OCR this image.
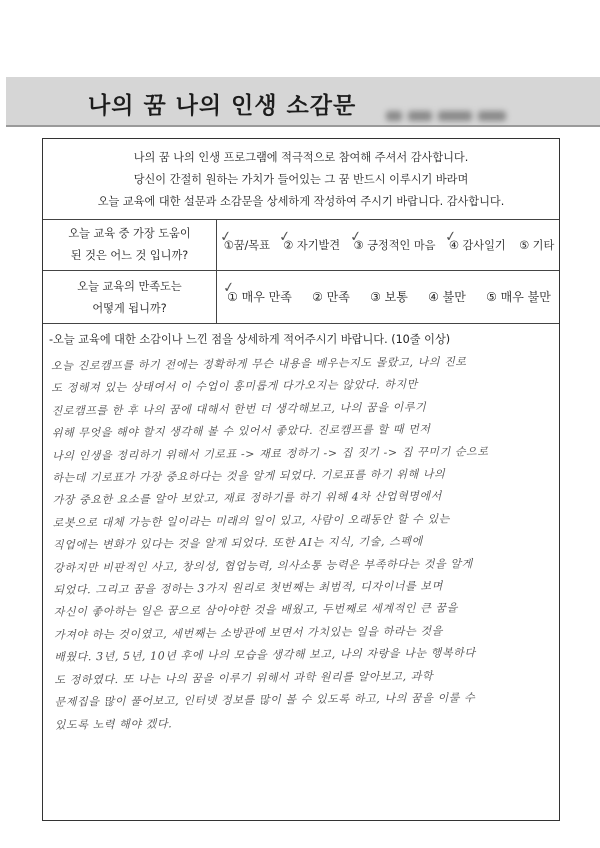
나의 꿈 나의 인생 소감문
나의 꿈 나의 인생 프로그램에 적극적으로 참여해 주셔서 감사합니다.
당신이 간절히 원하는 가치가 들어있는 그 꿈 반드시 이루시기 바라며
오늘 교육에 대한 설문과 소감문을 상세하게 작성하여 주시기 바랍니다. 감사합니다.
오늘 교육 중 가장 도움이
된 것은 어느 것 입니까?
✓
①꿈/목표 ✓
② 자기발견 ✓
③ 긍정적인 마음 ✓
④ 감사일기 ⑤ 기타
오늘 교육의 만족도는
어떻게 됩니까?
✓
① 매우 만족 ② 만족 ③ 보통 ④ 불만 ⑤ 매우 불만
-오늘 교육에 대한 소감이나 느낀 점을 상세하게 적어주시기 바랍니다. (10줄 이상)
오늘 진로캠프를 하기 전에는 정확하게 무슨 내용을 배우는지도 몰랐고, 나의 진로
도 정해져 있는 상태여서 이 수업이 흥미롭게 다가오지는 않았다. 하지만
진로캠프를 한 후 나의 꿈에 대해서 한번 더 생각해보고, 나의 꿈을 이루기
위해 무엇을 해야 할지 생각해 볼 수 있어서 좋았다. 진로캠프를 할 때 먼저
나의 인생을 정리하기 위해서 기로표 -> 재료 정하기 -> 집 짓기 -> 집 꾸미기 순으로
하는데 기로표가 가장 중요하다는 것을 알게 되었다. 기로표를 하기 위해 나의
가장 중요한 요소를 알아 보았고, 재료 정하기를 하기 위해 4차 산업혁명에서
로봇으로 대체 가능한 일이라는 미래의 일이 있고, 사람이 오래동안 할 수 있는
직업에는 변화가 있다는 것을 알게 되었다. 또한 AI는 지식, 기술, 스펙에
강하지만 비판적인 사고, 창의성, 협업능력, 의사소통 능력은 부족하다는 것을 알게
되었다. 그리고 꿈을 정하는 3가지 원리로 첫번째는 최범적, 디자이너를 보며
자신이 좋아하는 일은 꿈으로 삼아야한 것을 배웠고, 두번째로 세계적인 큰 꿈을
가져야 하는 것이였고, 세번째는 소방관에 보면서 가치있는 일을 하라는 것을
배웠다. 3년, 5년, 10년 후에 나의 모습을 생각해 보고, 나의 자랑을 나눈 행복하다
도 정하였다. 또 나는 나의 꿈을 이루기 위해서 과학 원리를 알아보고, 과학
문제집을 많이 풀어보고, 인터넷 정보를 많이 볼 수 있도록 하고, 나의 꿈을 이룰 수
있도록 노력 해야 겠다.
